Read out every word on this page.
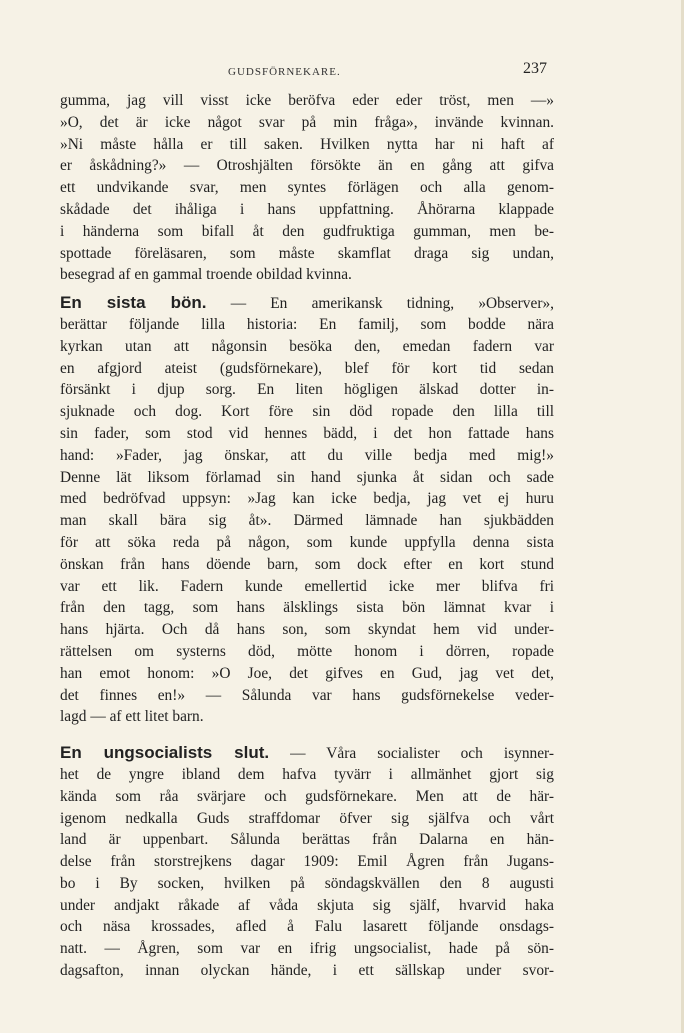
GUDSFÖRNEKARE.	237
gumma, jag vill visst icke beröfva eder eder tröst, men —»
»O, det är icke något svar på min fråga», invände kvinnan.
»Ni måste hålla er till saken. Hvilken nytta har ni haft af
er åskådning?» — Otroshjälten försökte än en gång att gifva
ett undvikande svar, men syntes förlägen och alla genom-
skådade det ihåliga i hans uppfattning. Åhörarna klappade
i händerna som bifall åt den gudfruktiga gumman, men be-
spottade föreläsaren, som måste skamflat draga sig undan,
besegrad af en gammal troende obildad kvinna.
En sista bön. — En amerikansk tidning, »Observer»,
berättar följande lilla historia: En familj, som bodde nära
kyrkan utan att någonsin besöka den, emedan fadern var
en afgjord ateist (gudsförnekare), blef för kort tid sedan
försänkt i djup sorg. En liten högligen älskad dotter in-
sjuknade och dog. Kort före sin död ropade den lilla till
sin fader, som stod vid hennes bädd, i det hon fattade hans
hand: »Fader, jag önskar, att du ville bedja med mig!»
Denne lät liksom förlamad sin hand sjunka åt sidan och sade
med bedröfvad uppsyn: »Jag kan icke bedja, jag vet ej huru
man skall bära sig åt». Därmed lämnade han sjukbädden
för att söka reda på någon, som kunde uppfylla denna sista
önskan från hans döende barn, som dock efter en kort stund
var ett lik. Fadern kunde emellertid icke mer blifva fri
från den tagg, som hans älsklings sista bön lämnat kvar i
hans hjärta. Och då hans son, som skyndat hem vid under-
rättelsen om systerns död, mötte honom i dörren, ropade
han emot honom: »O Joe, det gifves en Gud, jag vet det,
det finnes en!» — Sålunda var hans gudsförnekelse veder-
lagd — af ett litet barn.
En ungsocialists slut. — Våra socialister och isynner-
het de yngre ibland dem hafva tyvärr i allmänhet gjort sig
kända som råa svärjare och gudsförnekare. Men att de här-
igenom nedkalla Guds straffdomar öfver sig själfva och vårt
land är uppenbart. Sålunda berättas från Dalarna en hän-
delse från storstrejkens dagar 1909: Emil Ågren från Jugans-
bo i By socken, hvilken på söndagskvällen den 8 augusti
under andjakt råkade af våda skjuta sig själf, hvarvid haka
och näsa krossades, afled å Falu lasarett följande onsdags-
natt. — Ågren, som var en ifrig ungsocialist, hade på sön-
dagsafton, innan olyckan hände, i ett sällskap under svor-
